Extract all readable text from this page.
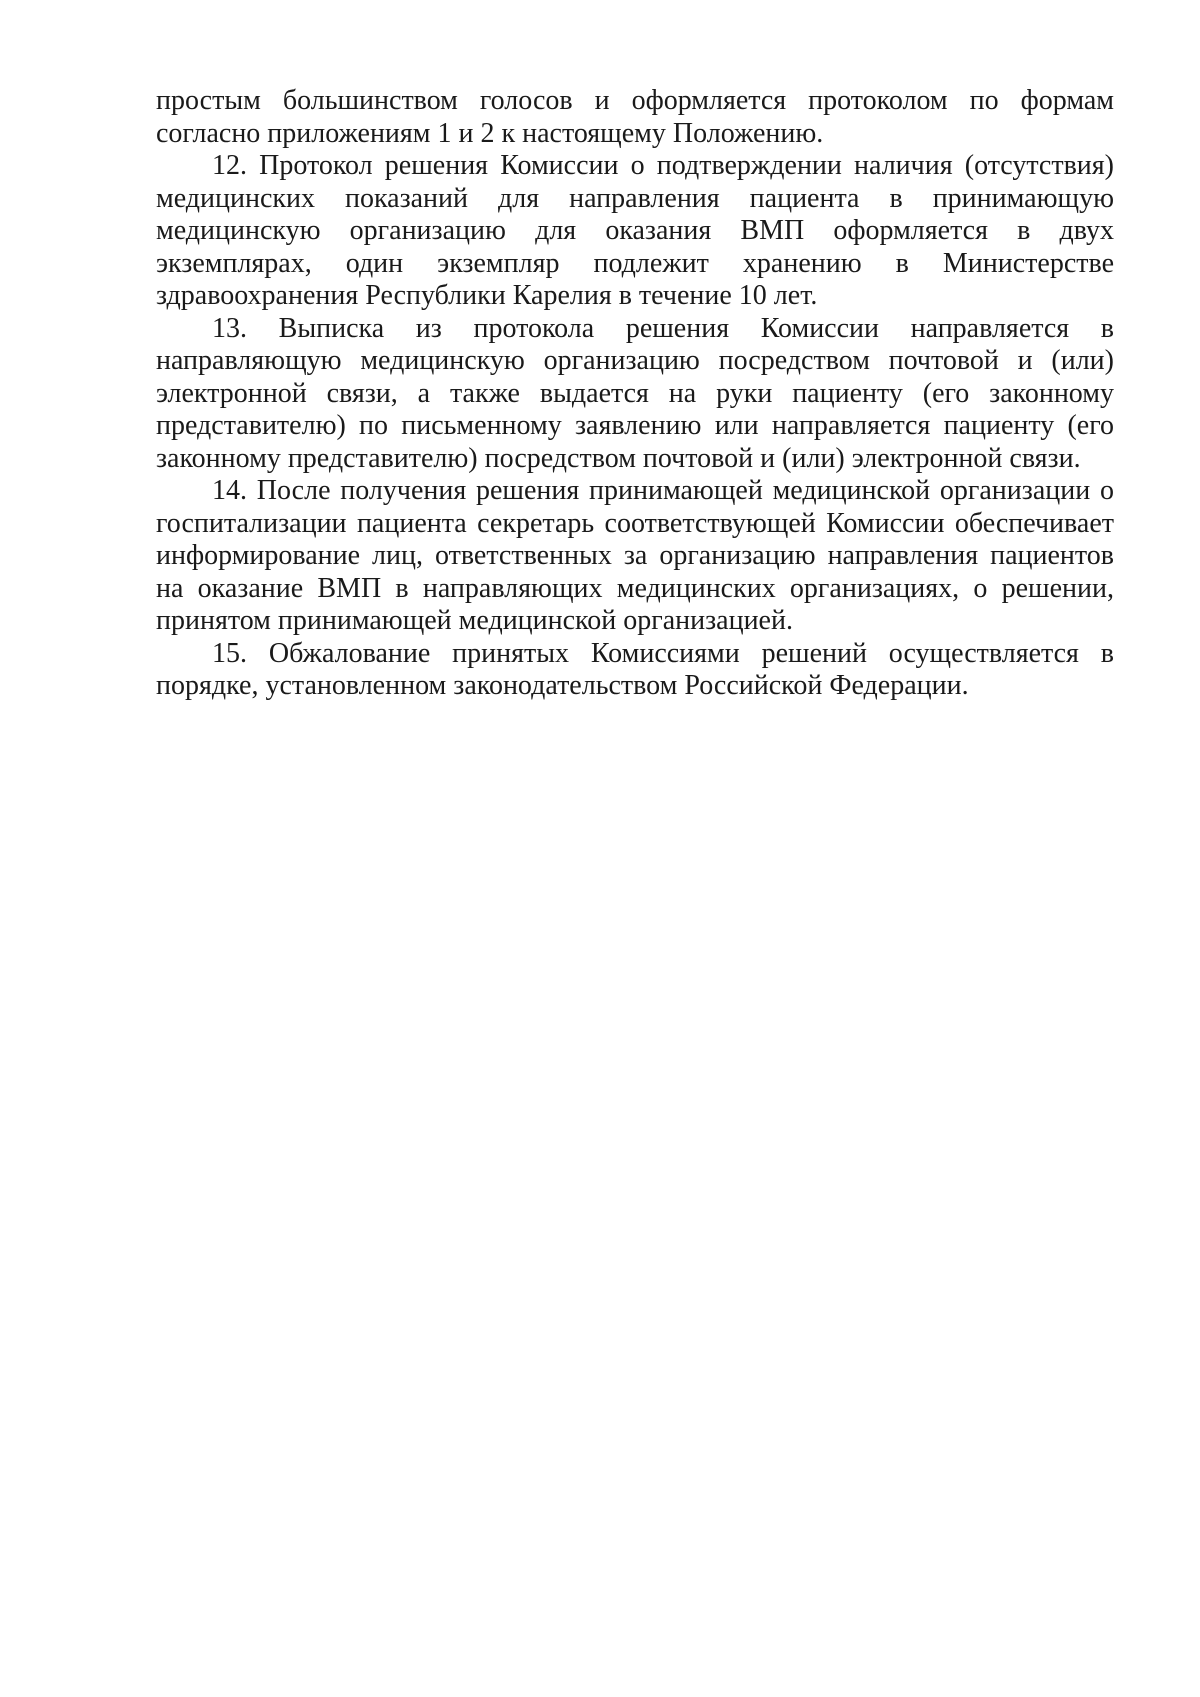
простым большинством голосов и оформляется протоколом по формам согласно приложениям 1 и 2 к настоящему Положению.

12. Протокол решения Комиссии о подтверждении наличия (отсутствия) медицинских показаний для направления пациента в принимающую медицинскую организацию для оказания ВМП оформляется в двух экземплярах, один экземпляр подлежит хранению в Министерстве здравоохранения Республики Карелия в течение 10 лет.

13. Выписка из протокола решения Комиссии направляется в направляющую медицинскую организацию посредством почтовой и (или) электронной связи, а также выдается на руки пациенту (его законному представителю) по письменному заявлению или направляется пациенту (его законному представителю) посредством почтовой и (или) электронной связи.

14. После получения решения принимающей медицинской организации о госпитализации пациента секретарь соответствующей Комиссии обеспечивает информирование лиц, ответственных за организацию направления пациентов на оказание ВМП в направляющих медицинских организациях, о решении, принятом принимающей медицинской организацией.

15. Обжалование принятых Комиссиями решений осуществляется в порядке, установленном законодательством Российской Федерации.
